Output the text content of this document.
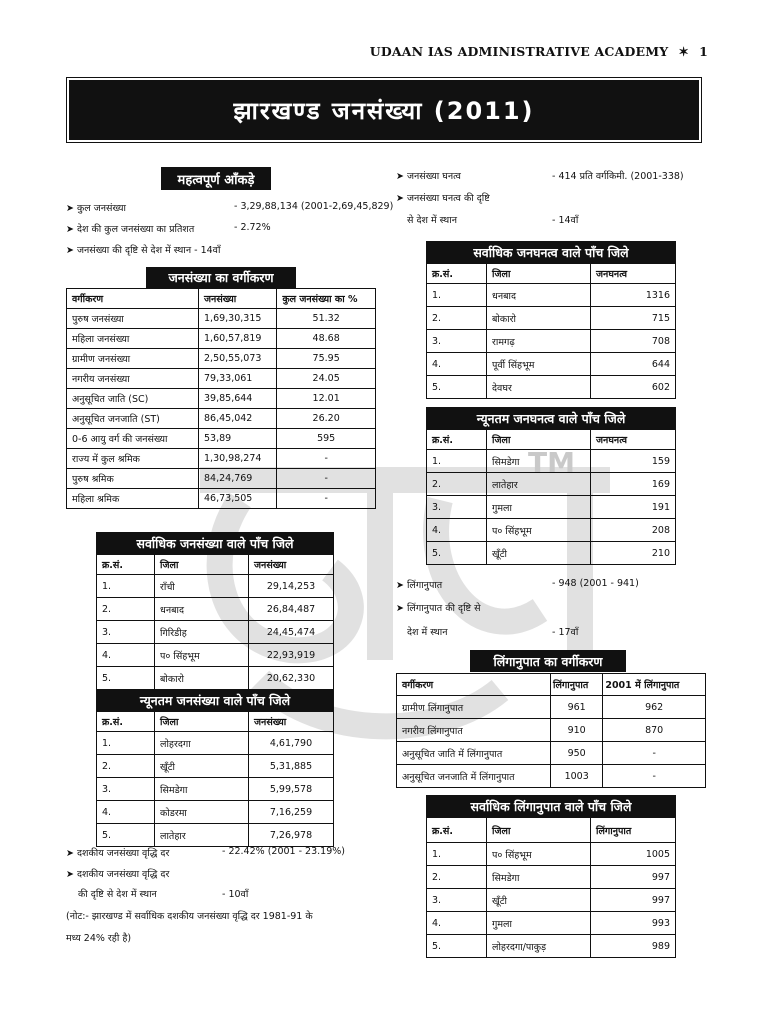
TM
UDAAN IAS ADMINISTRATIVE ACADEMY ✶ 1
झारखण्ड जनसंख्या (2011)
महत्वपूर्ण आँकड़े
➤ कुल जनसंख्या	- 3,29,88,134 (2001-2,69,45,829)
➤ देश की कुल जनसंख्या का प्रतिशत	- 2.72%
➤ जनसंख्या की दृष्टि से देश में स्थान - 14वाँ
जनसंख्या का वर्गीकरण
वर्गीकरण	जनसंख्या	कुल जनसंख्या का %
पुरुष जनसंख्या	1,69,30,315	51.32
महिला जनसंख्या	1,60,57,819	48.68
ग्रामीण जनसंख्या	2,50,55,073	75.95
नगरीय जनसंख्या	79,33,061	24.05
अनुसूचित जाति (SC)	39,85,644	12.01
अनुसूचित जनजाति (ST)	86,45,042	26.20
0-6 आयु वर्ग की जनसंख्या	53,89	595
राज्य में कुल श्रमिक	1,30,98,274	-
पुरुष श्रमिक	84,24,769	-
महिला श्रमिक	46,73,505	-
सर्वाधिक जनसंख्या वाले पाँच जिले
क्र.सं.	जिला	जनसंख्या
1.	राँची	29,14,253
2.	धनबाद	26,84,487
3.	गिरिडीह	24,45,474
4.	प० सिंहभूम	22,93,919
5.	बोकारो	20,62,330
न्यूनतम जनसंख्या वाले पाँच जिले
क्र.सं.	जिला	जनसंख्या
1.	लोहरदगा	4,61,790
2.	खूँटी	5,31,885
3.	सिमडेगा	5,99,578
4.	कोडरमा	7,16,259
5.	लातेहार	7,26,978
➤ दशकीय जनसंख्या वृद्धि दर	- 22.42% (2001 - 23.19%)
➤ दशकीय जनसंख्या वृद्धि दर
की दृष्टि से देश में स्थान	- 10वाँ
(नोट:- झारखण्ड में सर्वाधिक दशकीय जनसंख्या वृद्धि दर 1981-91 के
मध्य 24% रही है)
➤ जनसंख्या घनत्व	- 414 प्रति वर्गकिमी. (2001-338)
➤ जनसंख्या घनत्व की दृष्टि
से देश में स्थान	- 14वाँ
सर्वाधिक जनघनत्व वाले पाँच जिले
क्र.सं.	जिला	जनघनत्व
1.	धनबाद	1316
2.	बोकारो	715
3.	रामगढ़	708
4.	पूर्वी सिंहभूम	644
5.	देवघर	602
न्यूनतम जनघनत्व वाले पाँच जिले
क्र.सं.	जिला	जनघनत्व
1.	सिमडेगा	159
2.	लातेहार	169
3.	गुमला	191
4.	प० सिंहभूम	208
5.	खूँटी	210
➤ लिंगानुपात	- 948 (2001 - 941)
➤ लिंगानुपात की दृष्टि से
देश में स्थान	- 17वाँ
लिंगानुपात का वर्गीकरण
वर्गीकरण	लिंगानुपात	2001 में लिंगानुपात
ग्रामीण लिंगानुपात	961	962
नगरीय लिंगानुपात	910	870
अनुसूचित जाति में लिंगानुपात	950	-
अनुसूचित जनजाति में लिंगानुपात	1003	-
सर्वाधिक लिंगानुपात वाले पाँच जिले
क्र.सं.	जिला	लिंगानुपात
1.	प० सिंहभूम	1005
2.	सिमडेगा	997
3.	खूँटी	997
4.	गुमला	993
5.	लोहरदगा/पाकुड़	989
